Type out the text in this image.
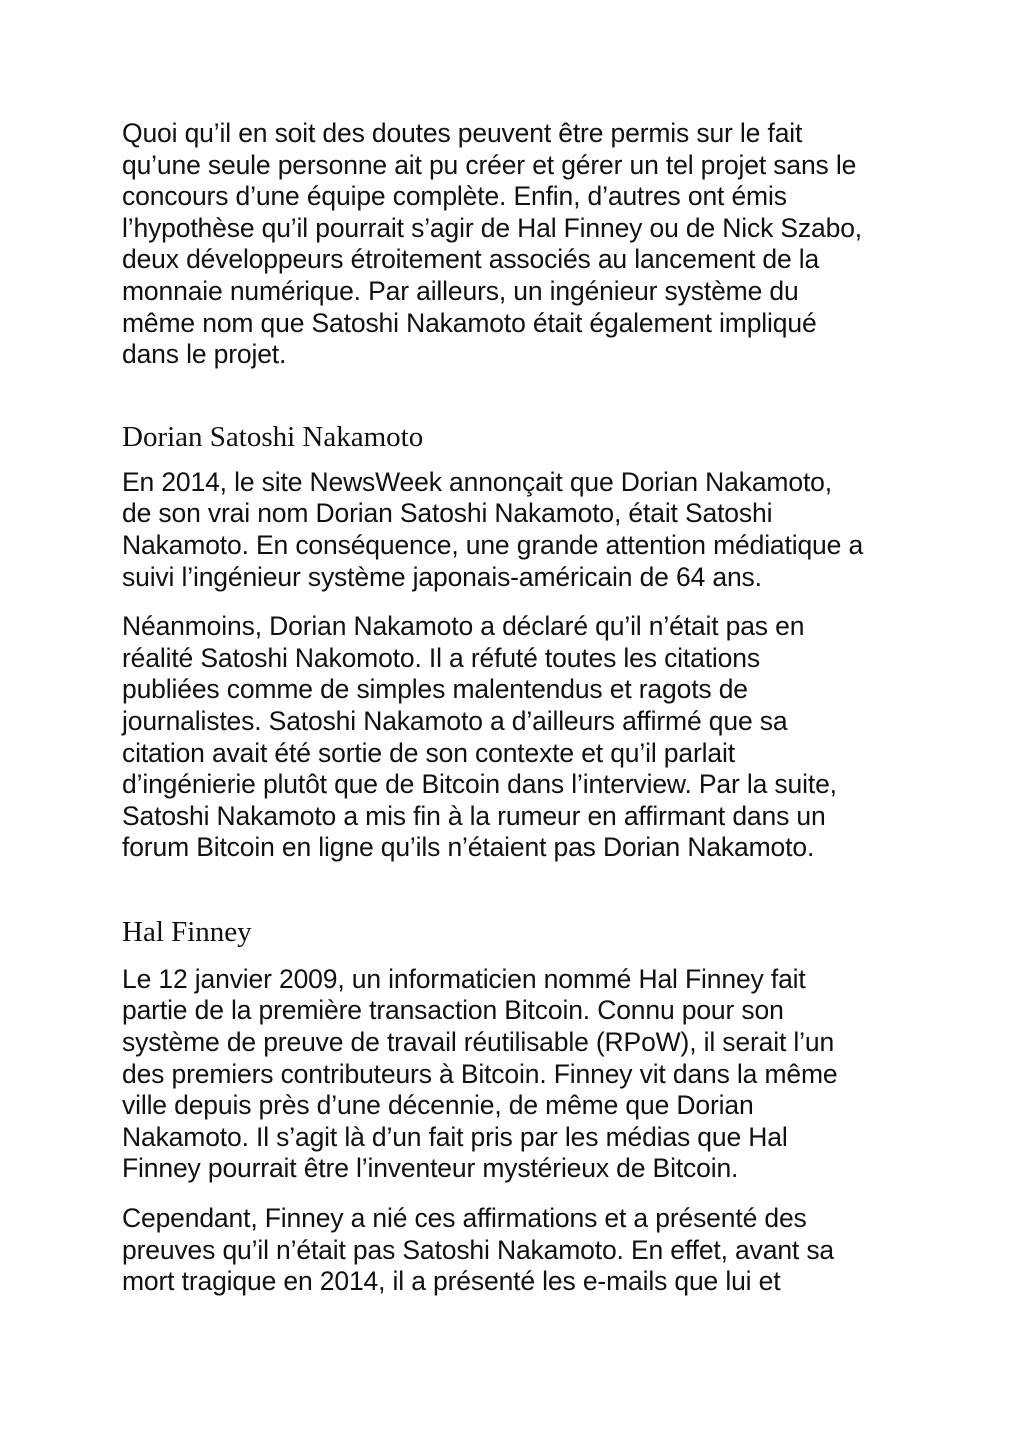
Quoi qu’il en soit des doutes peuvent être permis sur le fait
qu’une seule personne ait pu créer et gérer un tel projet sans le
concours d’une équipe complète. Enfin, d’autres ont émis
l’hypothèse qu’il pourrait s’agir de Hal Finney ou de Nick Szabo,
deux développeurs étroitement associés au lancement de la
monnaie numérique. Par ailleurs, un ingénieur système du
même nom que Satoshi Nakamoto était également impliqué
dans le projet.

Dorian Satoshi Nakamoto

En 2014, le site NewsWeek annonçait que Dorian Nakamoto,
de son vrai nom Dorian Satoshi Nakamoto, était Satoshi
Nakamoto. En conséquence, une grande attention médiatique a
suivi l’ingénieur système japonais-américain de 64 ans.

Néanmoins, Dorian Nakamoto a déclaré qu’il n’était pas en
réalité Satoshi Nakomoto. Il a réfuté toutes les citations
publiées comme de simples malentendus et ragots de
journalistes. Satoshi Nakamoto a d’ailleurs affirmé que sa
citation avait été sortie de son contexte et qu’il parlait
d’ingénierie plutôt que de Bitcoin dans l’interview. Par la suite,
Satoshi Nakamoto a mis fin à la rumeur en affirmant dans un
forum Bitcoin en ligne qu’ils n’étaient pas Dorian Nakamoto.

Hal Finney

Le 12 janvier 2009, un informaticien nommé Hal Finney fait
partie de la première transaction Bitcoin. Connu pour son
système de preuve de travail réutilisable (RPoW), il serait l’un
des premiers contributeurs à Bitcoin. Finney vit dans la même
ville depuis près d’une décennie, de même que Dorian
Nakamoto. Il s’agit là d’un fait pris par les médias que Hal
Finney pourrait être l’inventeur mystérieux de Bitcoin.

Cependant, Finney a nié ces affirmations et a présenté des
preuves qu’il n’était pas Satoshi Nakamoto. En effet, avant sa
mort tragique en 2014, il a présenté les e-mails que lui et
